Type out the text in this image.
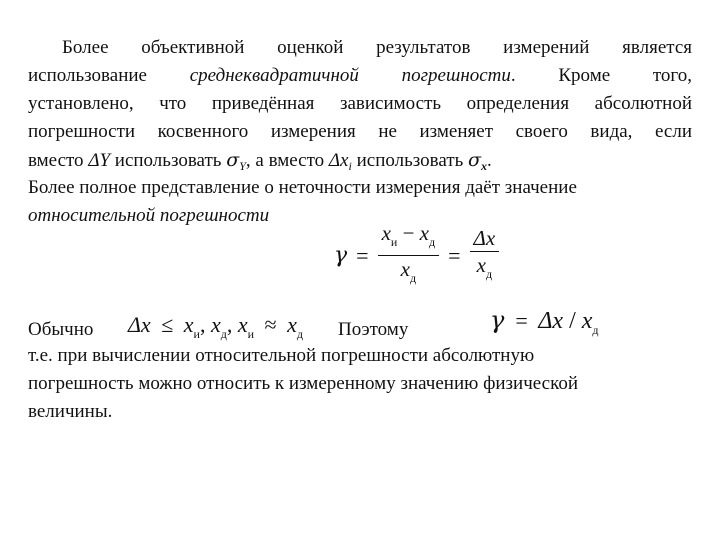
Более объективной оценкой результатов измерений является
использование среднеквадратичной погрешности. Кроме того,
установлено, что приведённая зависимость определения абсолютной
погрешности косвенного измерения не изменяет своего вида, если
вместо ΔY использовать $\sigma_Y$, а вместо $\Delta x_i$ использовать $\sigma_x$.
Более полное представление о неточности измерения даёт значение
относительной погрешности
$\gamma = \frac{x_и - x_д}{x_д} = \frac{\Delta x}{x_д}$
Обычно $\Delta x \le x_и$, $x_д$, $x_и \approx x_д$ Поэтому	$\gamma = \Delta x / x_д$
т.е. при вычислении относительной погрешности абсолютную
погрешность можно относить к измеренному значению физической
величины.
